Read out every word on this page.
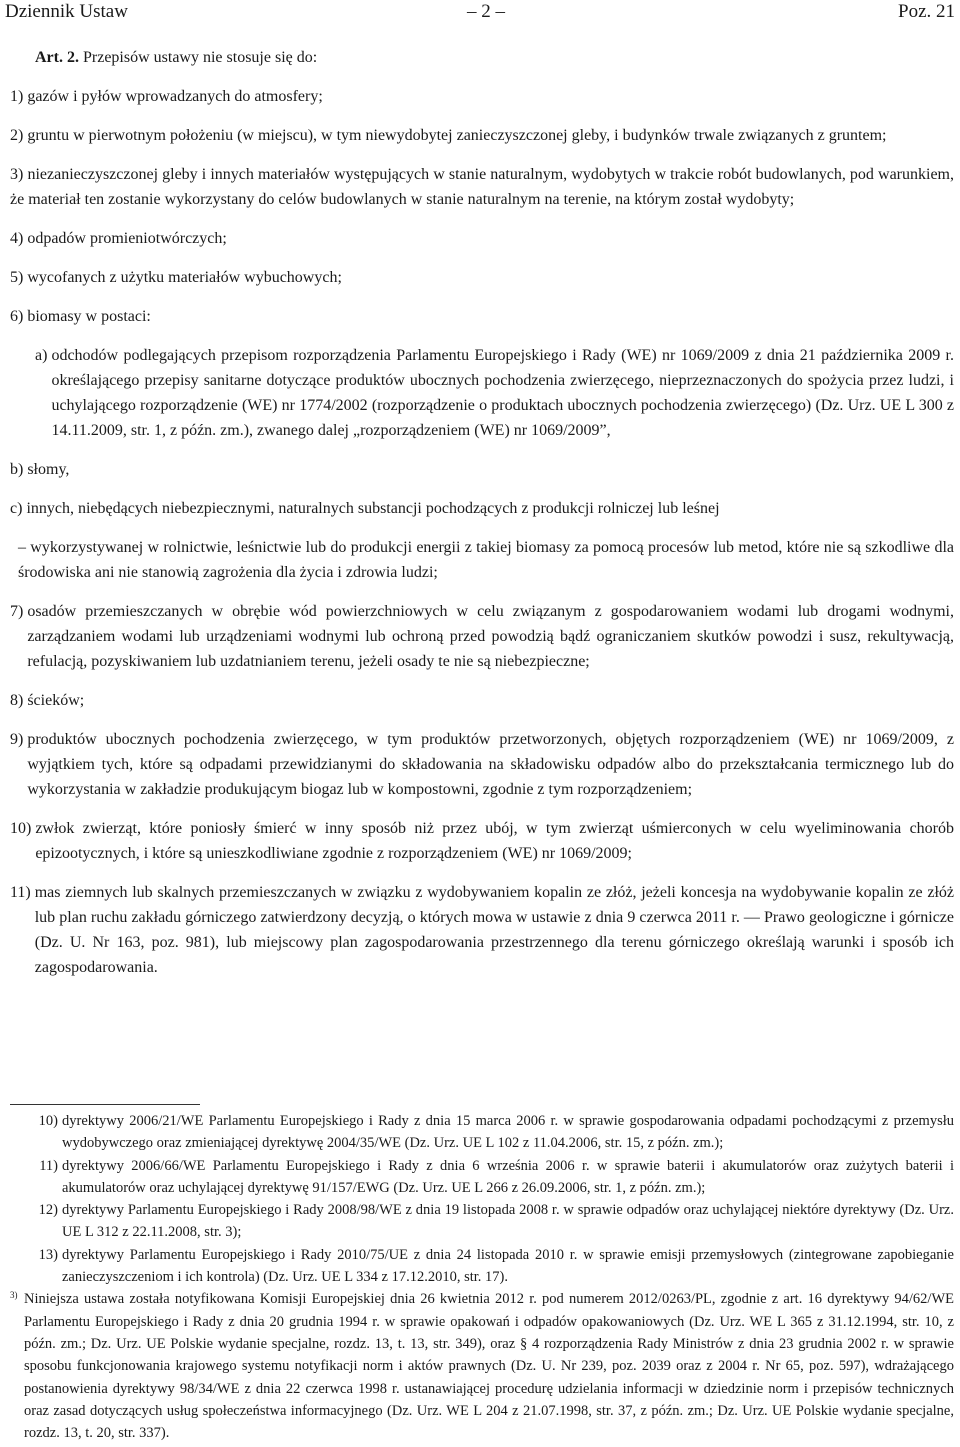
Dziennik Ustaw	– 2 –	Poz. 21

Art. 2. Przepisów ustawy nie stosuje się do:

1) gazów i pyłów wprowadzanych do atmosfery;
2) gruntu w pierwotnym położeniu (w miejscu), w tym niewydobytej zanieczyszczonej gleby, i budynków trwale związanych z gruntem;
3) niezanieczyszczonej gleby i innych materiałów występujących w stanie naturalnym, wydobytych w trakcie robót budowlanych, pod warunkiem, że materiał ten zostanie wykorzystany do celów budowlanych w stanie naturalnym na terenie, na którym został wydobyty;
4) odpadów promieniotwórczych;
5) wycofanych z użytku materiałów wybuchowych;
6) biomasy w postaci:
a) odchodów podlegających przepisom rozporządzenia Parlamentu Europejskiego i Rady (WE) nr 1069/2009 z dnia 21 października 2009 r. określającego przepisy sanitarne dotyczące produktów ubocznych pochodzenia zwierzęcego, nieprzeznaczonych do spożycia przez ludzi, i uchylającego rozporządzenie (WE) nr 1774/2002 (rozporządzenie o produktach ubocznych pochodzenia zwierzęcego) (Dz. Urz. UE L 300 z 14.11.2009, str. 1, z późn. zm.), zwanego dalej „rozporządzeniem (WE) nr 1069/2009”,
b) słomy,
c) innych, niebędących niebezpiecznymi, naturalnych substancji pochodzących z produkcji rolniczej lub leśnej
– wykorzystywanej w rolnictwie, leśnictwie lub do produkcji energii z takiej biomasy za pomocą procesów lub metod, które nie są szkodliwe dla środowiska ani nie stanowią zagrożenia dla życia i zdrowia ludzi;
7) osadów przemieszczanych w obrębie wód powierzchniowych w celu związanym z gospodarowaniem wodami lub drogami wodnymi, zarządzaniem wodami lub urządzeniami wodnymi lub ochroną przed powodzią bądź ograniczaniem skutków powodzi i susz, rekultywacją, refulacją, pozyskiwaniem lub uzdatnianiem terenu, jeżeli osady te nie są niebezpieczne;
8) ścieków;
9) produktów ubocznych pochodzenia zwierzęcego, w tym produktów przetworzonych, objętych rozporządzeniem (WE) nr 1069/2009, z wyjątkiem tych, które są odpadami przewidzianymi do składowania na składowisku odpadów albo do przekształcania termicznego lub do wykorzystania w zakładzie produkującym biogaz lub w kompostowni, zgodnie z tym rozporządzeniem;
10) zwłok zwierząt, które poniosły śmierć w inny sposób niż przez ubój, w tym zwierząt uśmierconych w celu wyeliminowania chorób epizootycznych, i które są unieszkodliwiane zgodnie z rozporządzeniem (WE) nr 1069/2009;
11) mas ziemnych lub skalnych przemieszczanych w związku z wydobywaniem kopalin ze złóż, jeżeli koncesja na wydobywanie kopalin ze złóż lub plan ruchu zakładu górniczego zatwierdzony decyzją, o których mowa w ustawie z dnia 9 czerwca 2011 r. — Prawo geologiczne i górnicze (Dz. U. Nr 163, poz. 981), lub miejscowy plan zagospodarowania przestrzennego dla terenu górniczego określają warunki i sposób ich zagospodarowania.
10) dyrektywy 2006/21/WE Parlamentu Europejskiego i Rady z dnia 15 marca 2006 r. w sprawie gospodarowania odpadami pochodzącymi z przemysłu wydobywczego oraz zmieniającej dyrektywę 2004/35/WE (Dz. Urz. UE L 102 z 11.04.2006, str. 15, z późn. zm.);
11) dyrektywy 2006/66/WE Parlamentu Europejskiego i Rady z dnia 6 września 2006 r. w sprawie baterii i akumulatorów oraz zużytych baterii i akumulatorów oraz uchylającej dyrektywę 91/157/EWG (Dz. Urz. UE L 266 z 26.09.2006, str. 1, z późn. zm.);
12) dyrektywy Parlamentu Europejskiego i Rady 2008/98/WE z dnia 19 listopada 2008 r. w sprawie odpadów oraz uchylającej niektóre dyrektywy (Dz. Urz. UE L 312 z 22.11.2008, str. 3);
13) dyrektywy Parlamentu Europejskiego i Rady 2010/75/UE z dnia 24 listopada 2010 r. w sprawie emisji przemysłowych (zintegrowane zapobieganie zanieczyszczeniom i ich kontrola) (Dz. Urz. UE L 334 z 17.12.2010, str. 17).
3) Niniejsza ustawa została notyfikowana Komisji Europejskiej dnia 26 kwietnia 2012 r. pod numerem 2012/0263/PL, zgodnie z art. 16 dyrektywy 94/62/WE Parlamentu Europejskiego i Rady z dnia 20 grudnia 1994 r. w sprawie opakowań i odpadów opakowaniowych (Dz. Urz. WE L 365 z 31.12.1994, str. 10, z późn. zm.; Dz. Urz. UE Polskie wydanie specjalne, rozdz. 13, t. 13, str. 349), oraz § 4 rozporządzenia Rady Ministrów z dnia 23 grudnia 2002 r. w sprawie sposobu funkcjonowania krajowego systemu notyfikacji norm i aktów prawnych (Dz. U. Nr 239, poz. 2039 oraz z 2004 r. Nr 65, poz. 597), wdrażającego postanowienia dyrektywy 98/34/WE z dnia 22 czerwca 1998 r. ustanawiającej procedurę udzielania informacji w dziedzinie norm i przepisów technicznych oraz zasad dotyczących usług społeczeństwa informacyjnego (Dz. Urz. WE L 204 z 21.07.1998, str. 37, z późn. zm.; Dz. Urz. UE Polskie wydanie specjalne, rozdz. 13, t. 20, str. 337).
